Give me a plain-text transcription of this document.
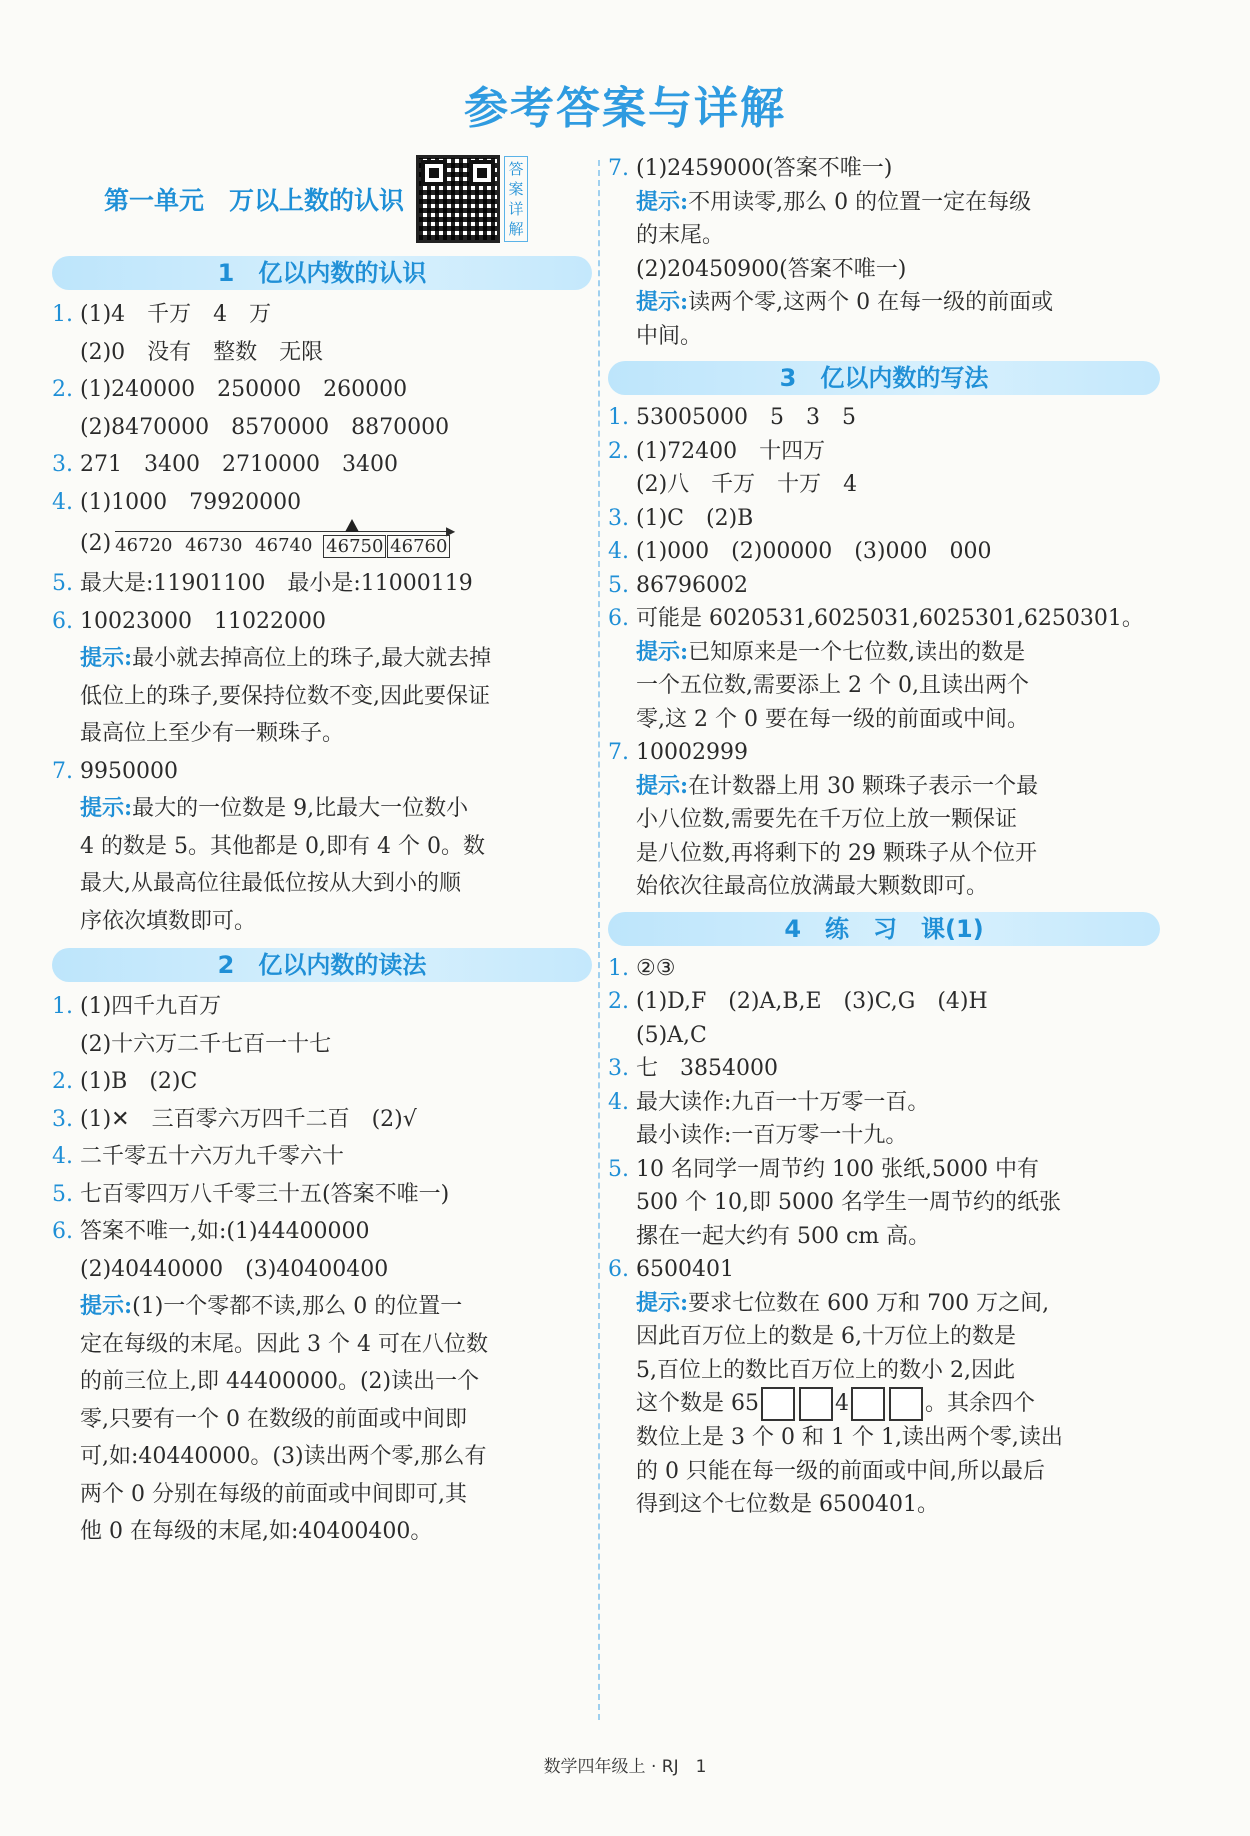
参考答案与详解
第一单元　万以上数的认识
答
案
详
解
1　亿以内数的认识
1. (1)4　千万　4　万
(2)0　没有　整数　无限
2. (1)240000　250000　260000
(2)8470000　8570000　8870000
3. 271　3400　2710000　3400
4. (1)1000　79920000
(2)	▶
46720 46730 46740 46750 46760
5. 最大是:11901100　最小是:11000119
6. 10023000　11022000
提示:最小就去掉高位上的珠子,最大就去掉
低位上的珠子,要保持位数不变,因此要保证
最高位上至少有一颗珠子。
7. 9950000
提示:最大的一位数是 9,比最大一位数小
4 的数是 5。其他都是 0,即有 4 个 0。数
最大,从最高位往最低位按从大到小的顺
序依次填数即可。
2　亿以内数的读法
1. (1)四千九百万
(2)十六万二千七百一十七
2. (1)B　(2)C
3. (1)✕　三百零六万四千二百　(2)√
4. 二千零五十六万九千零六十
5. 七百零四万八千零三十五(答案不唯一)
6. 答案不唯一,如:(1)44400000
(2)40440000　(3)40400400
提示:(1)一个零都不读,那么 0 的位置一
定在每级的末尾。因此 3 个 4 可在八位数
的前三位上,即 44400000。(2)读出一个
零,只要有一个 0 在数级的前面或中间即
可,如:40440000。(3)读出两个零,那么有
两个 0 分别在每级的前面或中间即可,其
他 0 在每级的末尾,如:40400400。
7. (1)2459000(答案不唯一)
提示:不用读零,那么 0 的位置一定在每级
的末尾。
(2)20450900(答案不唯一)
提示:读两个零,这两个 0 在每一级的前面或
中间。
3　亿以内数的写法
1. 53005000　5　3　5
2. (1)72400　十四万
(2)八　千万　十万　4
3. (1)C　(2)B
4. (1)000　(2)00000　(3)000　000
5. 86796002
6. 可能是 6020531,6025031,6025301,6250301。
提示:已知原来是一个七位数,读出的数是
一个五位数,需要添上 2 个 0,且读出两个
零,这 2 个 0 要在每一级的前面或中间。
7. 10002999
提示:在计数器上用 30 颗珠子表示一个最
小八位数,需要先在千万位上放一颗保证
是八位数,再将剩下的 29 颗珠子从个位开
始依次往最高位放满最大颗数即可。
4　练　习　课(1)
1. ②③
2. (1)D,F　(2)A,B,E　(3)C,G　(4)H
(5)A,C
3. 七　3854000
4. 最大读作:九百一十万零一百。
最小读作:一百万零一十九。
5. 10 名同学一周节约 100 张纸,5000 中有
500 个 10,即 5000 名学生一周节约的纸张
摞在一起大约有 500 cm 高。
6. 6500401
提示:要求七位数在 600 万和 700 万之间,
因此百万位上的数是 6,十万位上的数是
5,百位上的数比百万位上的数小 2,因此
这个数是 65	4	。其余四个
数位上是 3 个 0 和 1 个 1,读出两个零,读出
的 0 只能在每一级的前面或中间,所以最后
得到这个七位数是 6500401。
数学四年级上 · RJ　1
